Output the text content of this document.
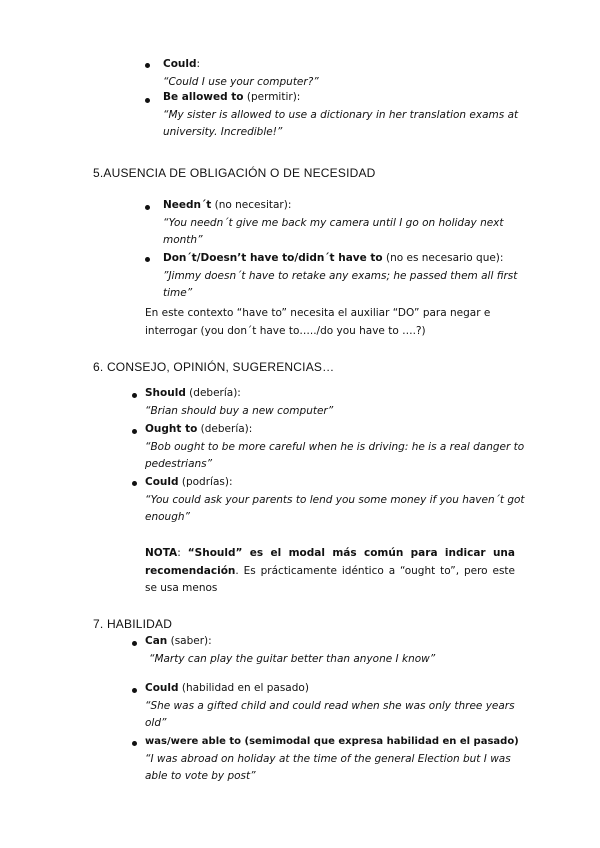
Could:
“Could I use your computer?”
Be allowed to (permitir):
“My sister is allowed to use a dictionary in her translation exams at university. Incredible!”
5.AUSENCIA DE OBLIGACIÓN O DE NECESIDAD
Needn´t (no necesitar):
“You needn´t give me back my camera until I go on holiday next month”
Don´t/Doesn’t have to/didn´t have to (no es necesario que):
”Jimmy doesn´t have to retake any exams; he passed them all first time”
En este contexto “have to” necesita el auxiliar “DO” para negar e interrogar (you don´t have to…../do you have to ….?)
6. CONSEJO, OPINIÓN, SUGERENCIAS…
Should (debería):
“Brian should buy a new computer”
Ought to (debería):
“Bob ought to be more careful when he is driving: he is a real danger to pedestrians”
Could (podrías):
“You could ask your parents to lend you some money if you haven´t got enough”
NOTA: “Should” es el modal más común para indicar una recomendación. Es prácticamente idéntico a “ought to”, pero este se usa menos
7. HABILIDAD
Can (saber):
“Marty can play the guitar better than anyone I know”
Could (habilidad en el pasado)
“She was a gifted child and could read when she was only three years old”
was/were able to (semimodal que expresa habilidad en el pasado)
“I was abroad on holiday at the time of the general Election but I was able to vote by post”
